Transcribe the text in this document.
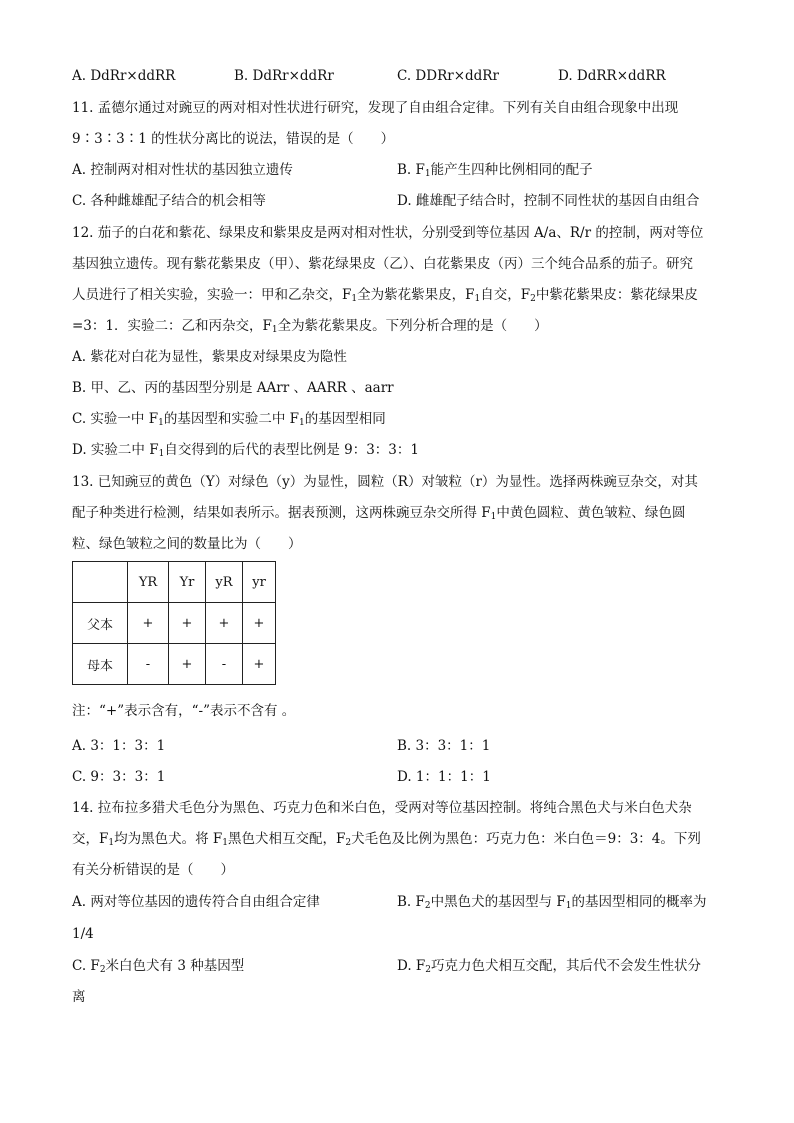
A. DdRr×ddRR	B. DdRr×ddRr	C. DDRr×ddRr	D. DdRR×ddRR
11. 孟德尔通过对豌豆的两对相对性状进行研究，发现了自由组合定律。下列有关自由组合现象中出现
9∶3∶3∶1 的性状分离比的说法，错误的是（　　）
A. 控制两对相对性状的基因独立遗传	B. $F_1$能产生四种比例相同的配子
C. 各种雌雄配子结合的机会相等	D. 雌雄配子结合时，控制不同性状的基因自由组合
12. 茄子的白花和紫花、绿果皮和紫果皮是两对相对性状，分别受到等位基因 A/a、R/r 的控制，两对等位
基因独立遗传。现有紫花紫果皮（甲）、紫花绿果皮（乙）、白花紫果皮（丙）三个纯合品系的茄子。研究
人员进行了相关实验，实验一：甲和乙杂交，$F_1$全为紫花紫果皮，$F_1$自交，$F_2$中紫花紫果皮：紫花绿果皮
=3：1．实验二：乙和丙杂交，$F_1$全为紫花紫果皮。下列分析合理的是（　　）
A. 紫花对白花为显性，紫果皮对绿果皮为隐性
B. 甲、乙、丙的基因型分别是 AArr 、AARR 、aarr
C. 实验一中 $F_1$的基因型和实验二中 $F_1$的基因型相同
D. 实验二中 $F_1$自交得到的后代的表型比例是 9：3：3：1
13. 已知豌豆的黄色（Y）对绿色（y）为显性，圆粒（R）对皱粒（r）为显性。选择两株豌豆杂交，对其
配子种类进行检测，结果如表所示。据表预测，这两株豌豆杂交所得 $F_1$中黄色圆粒、黄色皱粒、绿色圆
粒、绿色皱粒之间的数量比为（　　）
	YR	Yr	yR	yr
父本	+	+	+	+
母本	-	+	-	+
注：“+”表示含有，“-”表示不含有 。
A. 3：1：3：1	B. 3：3：1：1
C. 9：3：3：1	D. 1：1：1：1
14. 拉布拉多猎犬毛色分为黑色、巧克力色和米白色，受两对等位基因控制。将纯合黑色犬与米白色犬杂
交，$F_1$均为黑色犬。将 $F_1$黑色犬相互交配，$F_2$犬毛色及比例为黑色：巧克力色：米白色＝9：3：4。下列
有关分析错误的是（　　）
A. 两对等位基因的遗传符合自由组合定律	B. $F_2$中黑色犬的基因型与 $F_1$的基因型相同的概率为
1/4
C. $F_2$米白色犬有 3 种基因型	D. $F_2$巧克力色犬相互交配，其后代不会发生性状分
离
